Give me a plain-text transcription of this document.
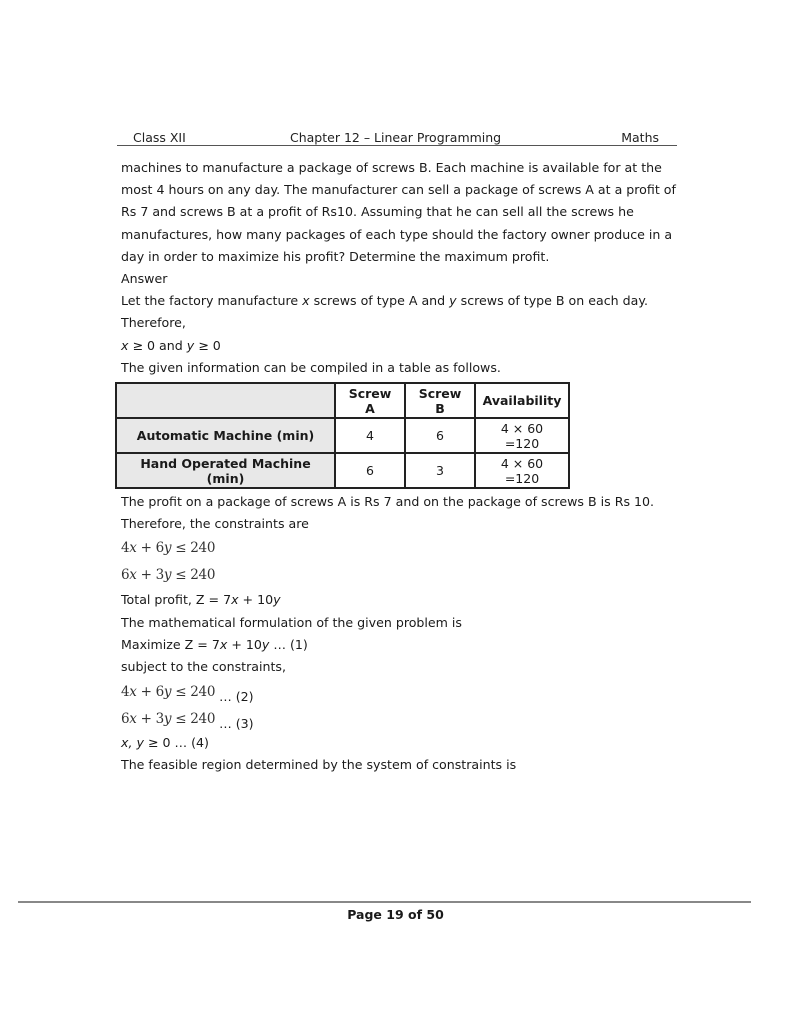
Class XII	Chapter 12 – Linear Programming	Maths
machines to manufacture a package of screws B. Each machine is available for at the
most 4 hours on any day. The manufacturer can sell a package of screws A at a profit of
Rs 7 and screws B at a profit of Rs10. Assuming that he can sell all the screws he
manufactures, how many packages of each type should the factory owner produce in a
day in order to maximize his profit? Determine the maximum profit.
Answer
Let the factory manufacture x screws of type A and y screws of type B on each day.
Therefore,
x ≥ 0 and y ≥ 0
The given information can be compiled in a table as follows.
	Screw A	Screw B	Availability
Automatic Machine (min)	4	6	4 × 60 =120
Hand Operated Machine (min)	6	3	4 × 60 =120
The profit on a package of screws A is Rs 7 and on the package of screws B is Rs 10.
Therefore, the constraints are
4x + 6y ≤ 240
6x + 3y ≤ 240
Total profit, Z = 7x + 10y
The mathematical formulation of the given problem is
Maximize Z = 7x + 10y … (1)
subject to the constraints,
4x + 6y ≤ 240 … (2)
6x + 3y ≤ 240 … (3)
x, y ≥ 0 … (4)
The feasible region determined by the system of constraints is
Page 19 of 50
